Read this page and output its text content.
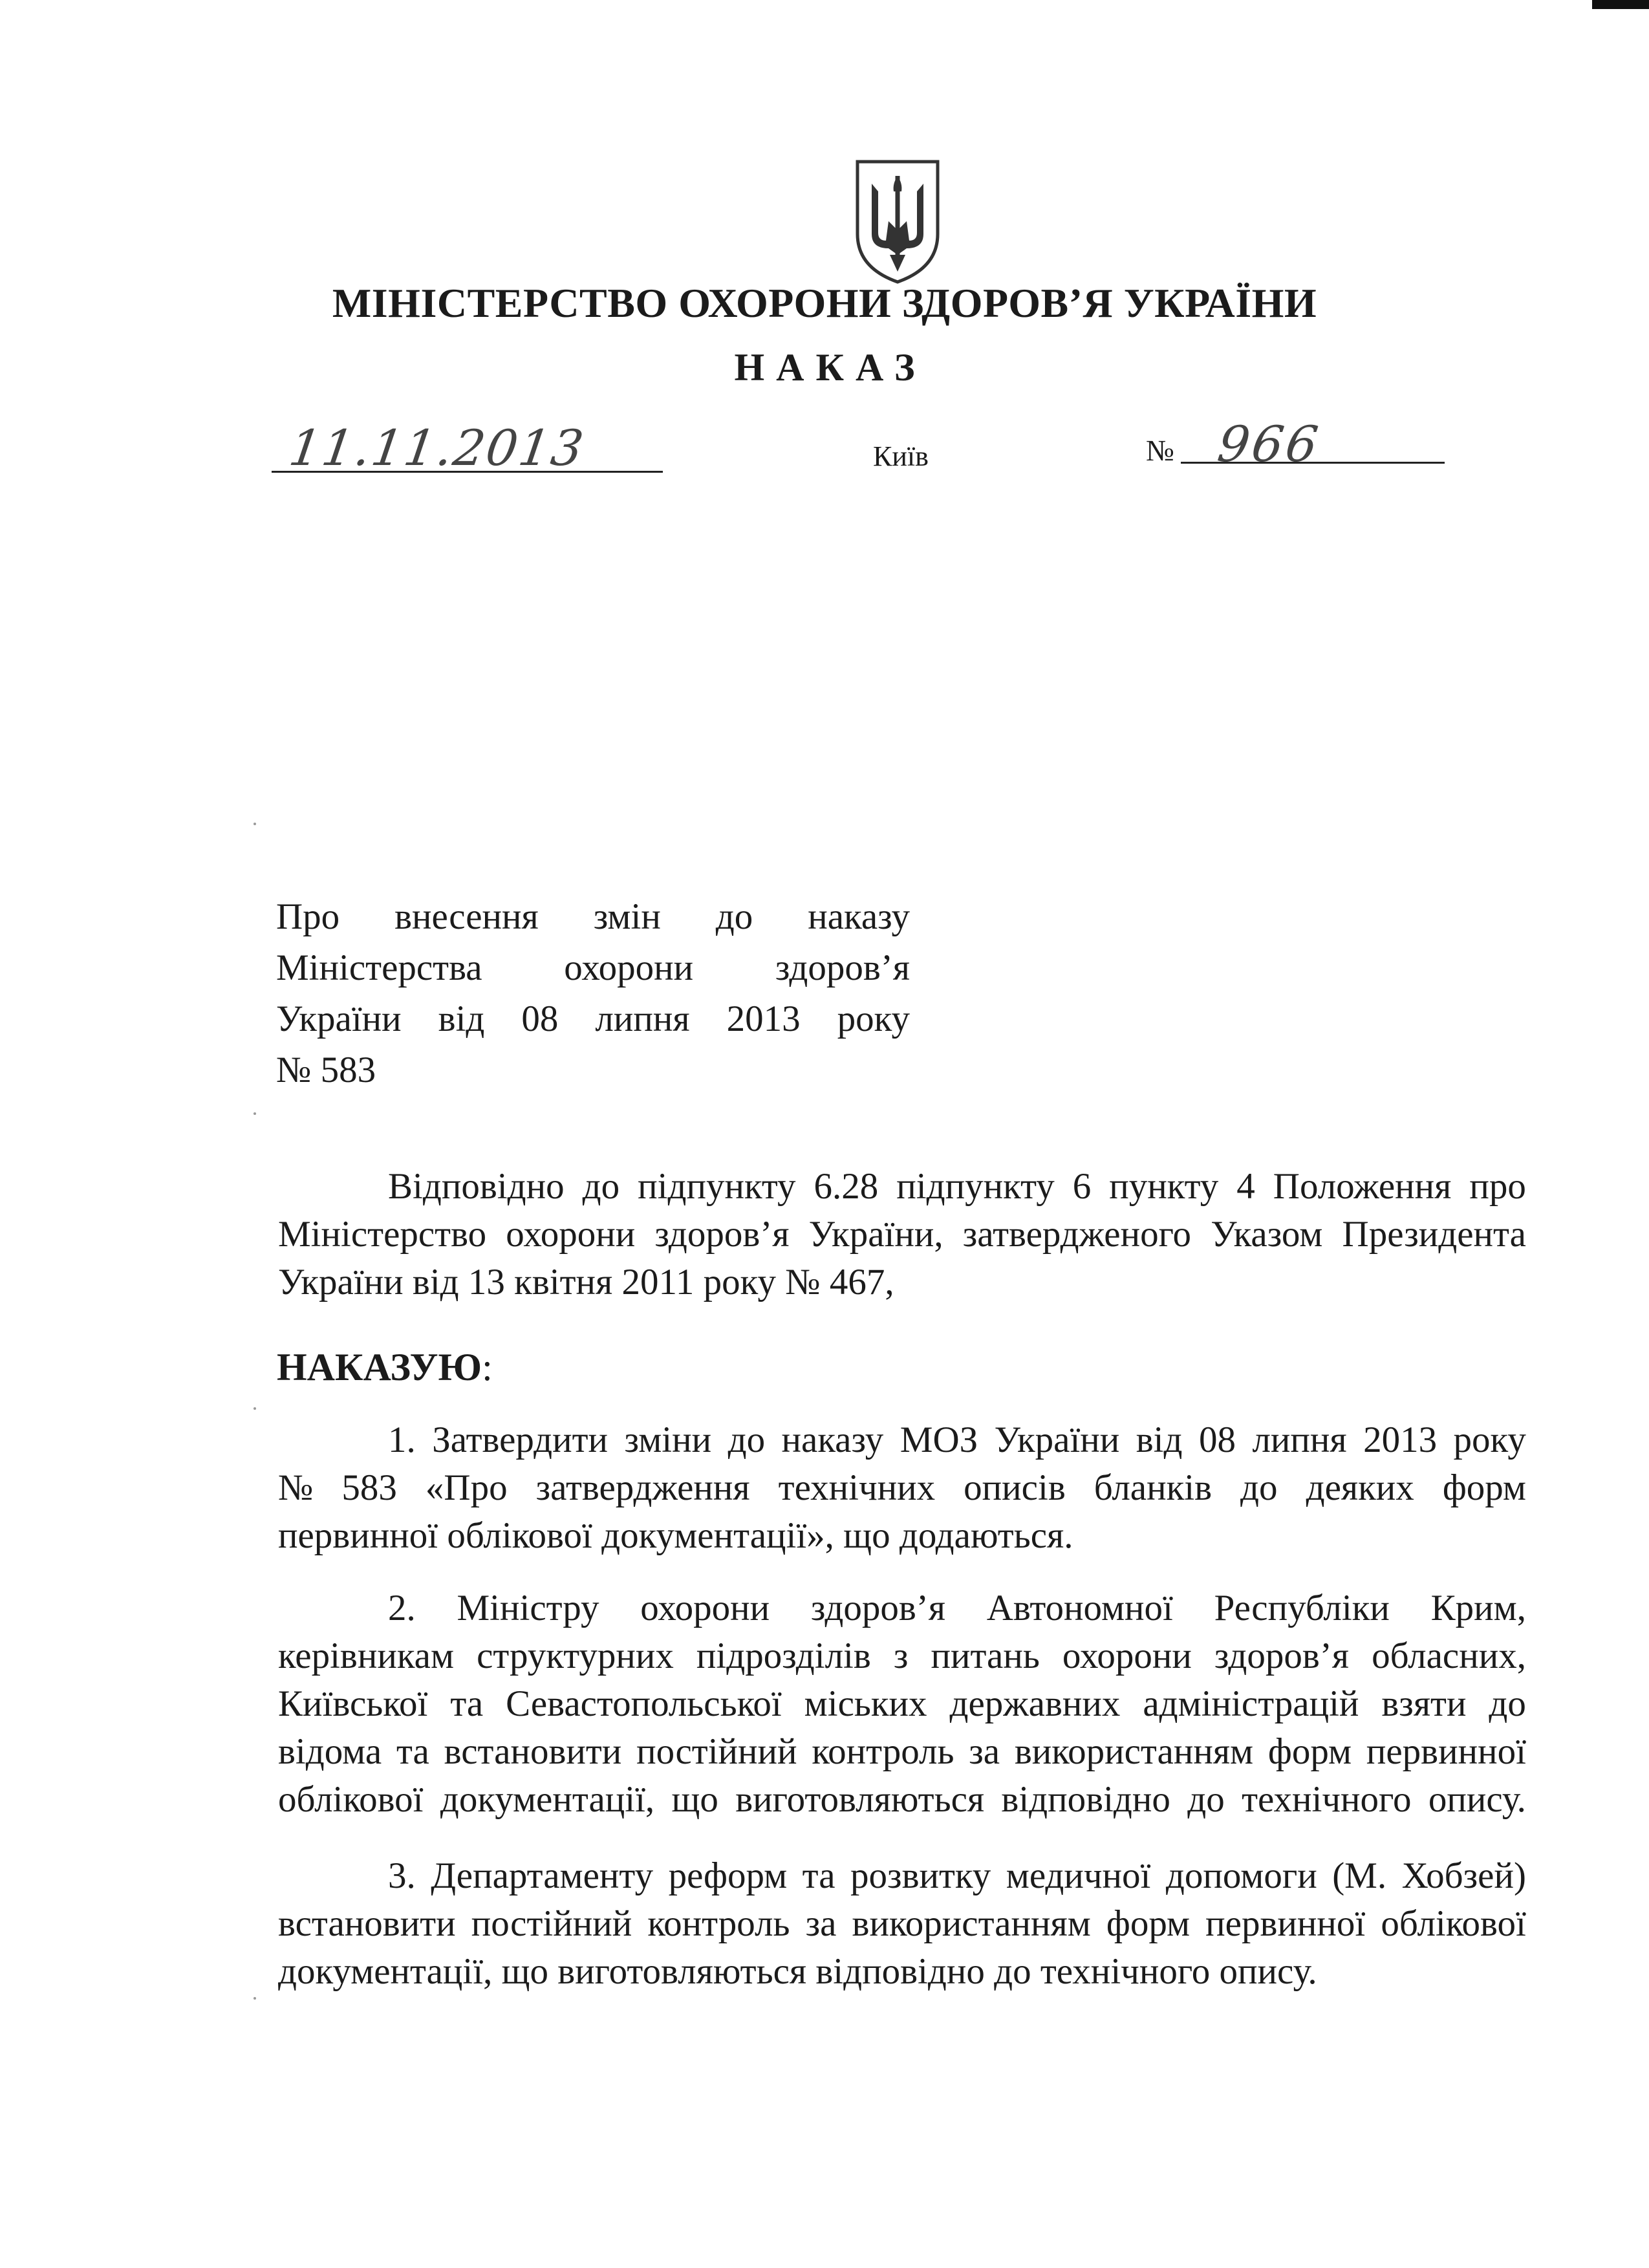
МІНІСТЕРСТВО ОХОРОНИ ЗДОРОВ’Я УКРАЇНИ
НАКАЗ
11.11.2013	Київ	№ 966
Про внесення змін до наказу
Міністерства охорони здоров’я
України від 08 липня 2013 року
№ 583
Відповідно до підпункту 6.28 підпункту 6 пункту 4 Положення про
Міністерство охорони здоров’я України, затвердженого Указом Президента
України від 13 квітня 2011 року № 467,
НАКАЗУЮ:
1. Затвердити зміни до наказу МОЗ України від 08 липня 2013 року
№ 583 «Про затвердження технічних описів бланків до деяких форм
первинної облікової документації», що додаються.
2. Міністру охорони здоров’я Автономної Республіки Крим,
керівникам структурних підрозділів з питань охорони здоров’я обласних,
Київської та Севастопольської міських державних адміністрацій взяти до
відома та встановити постійний контроль за використанням форм первинної
облікової документації, що виготовляються відповідно до технічного опису.
3. Департаменту реформ та розвитку медичної допомоги (М. Хобзей)
встановити постійний контроль за використанням форм первинної облікової
документації, що виготовляються відповідно до технічного опису.
